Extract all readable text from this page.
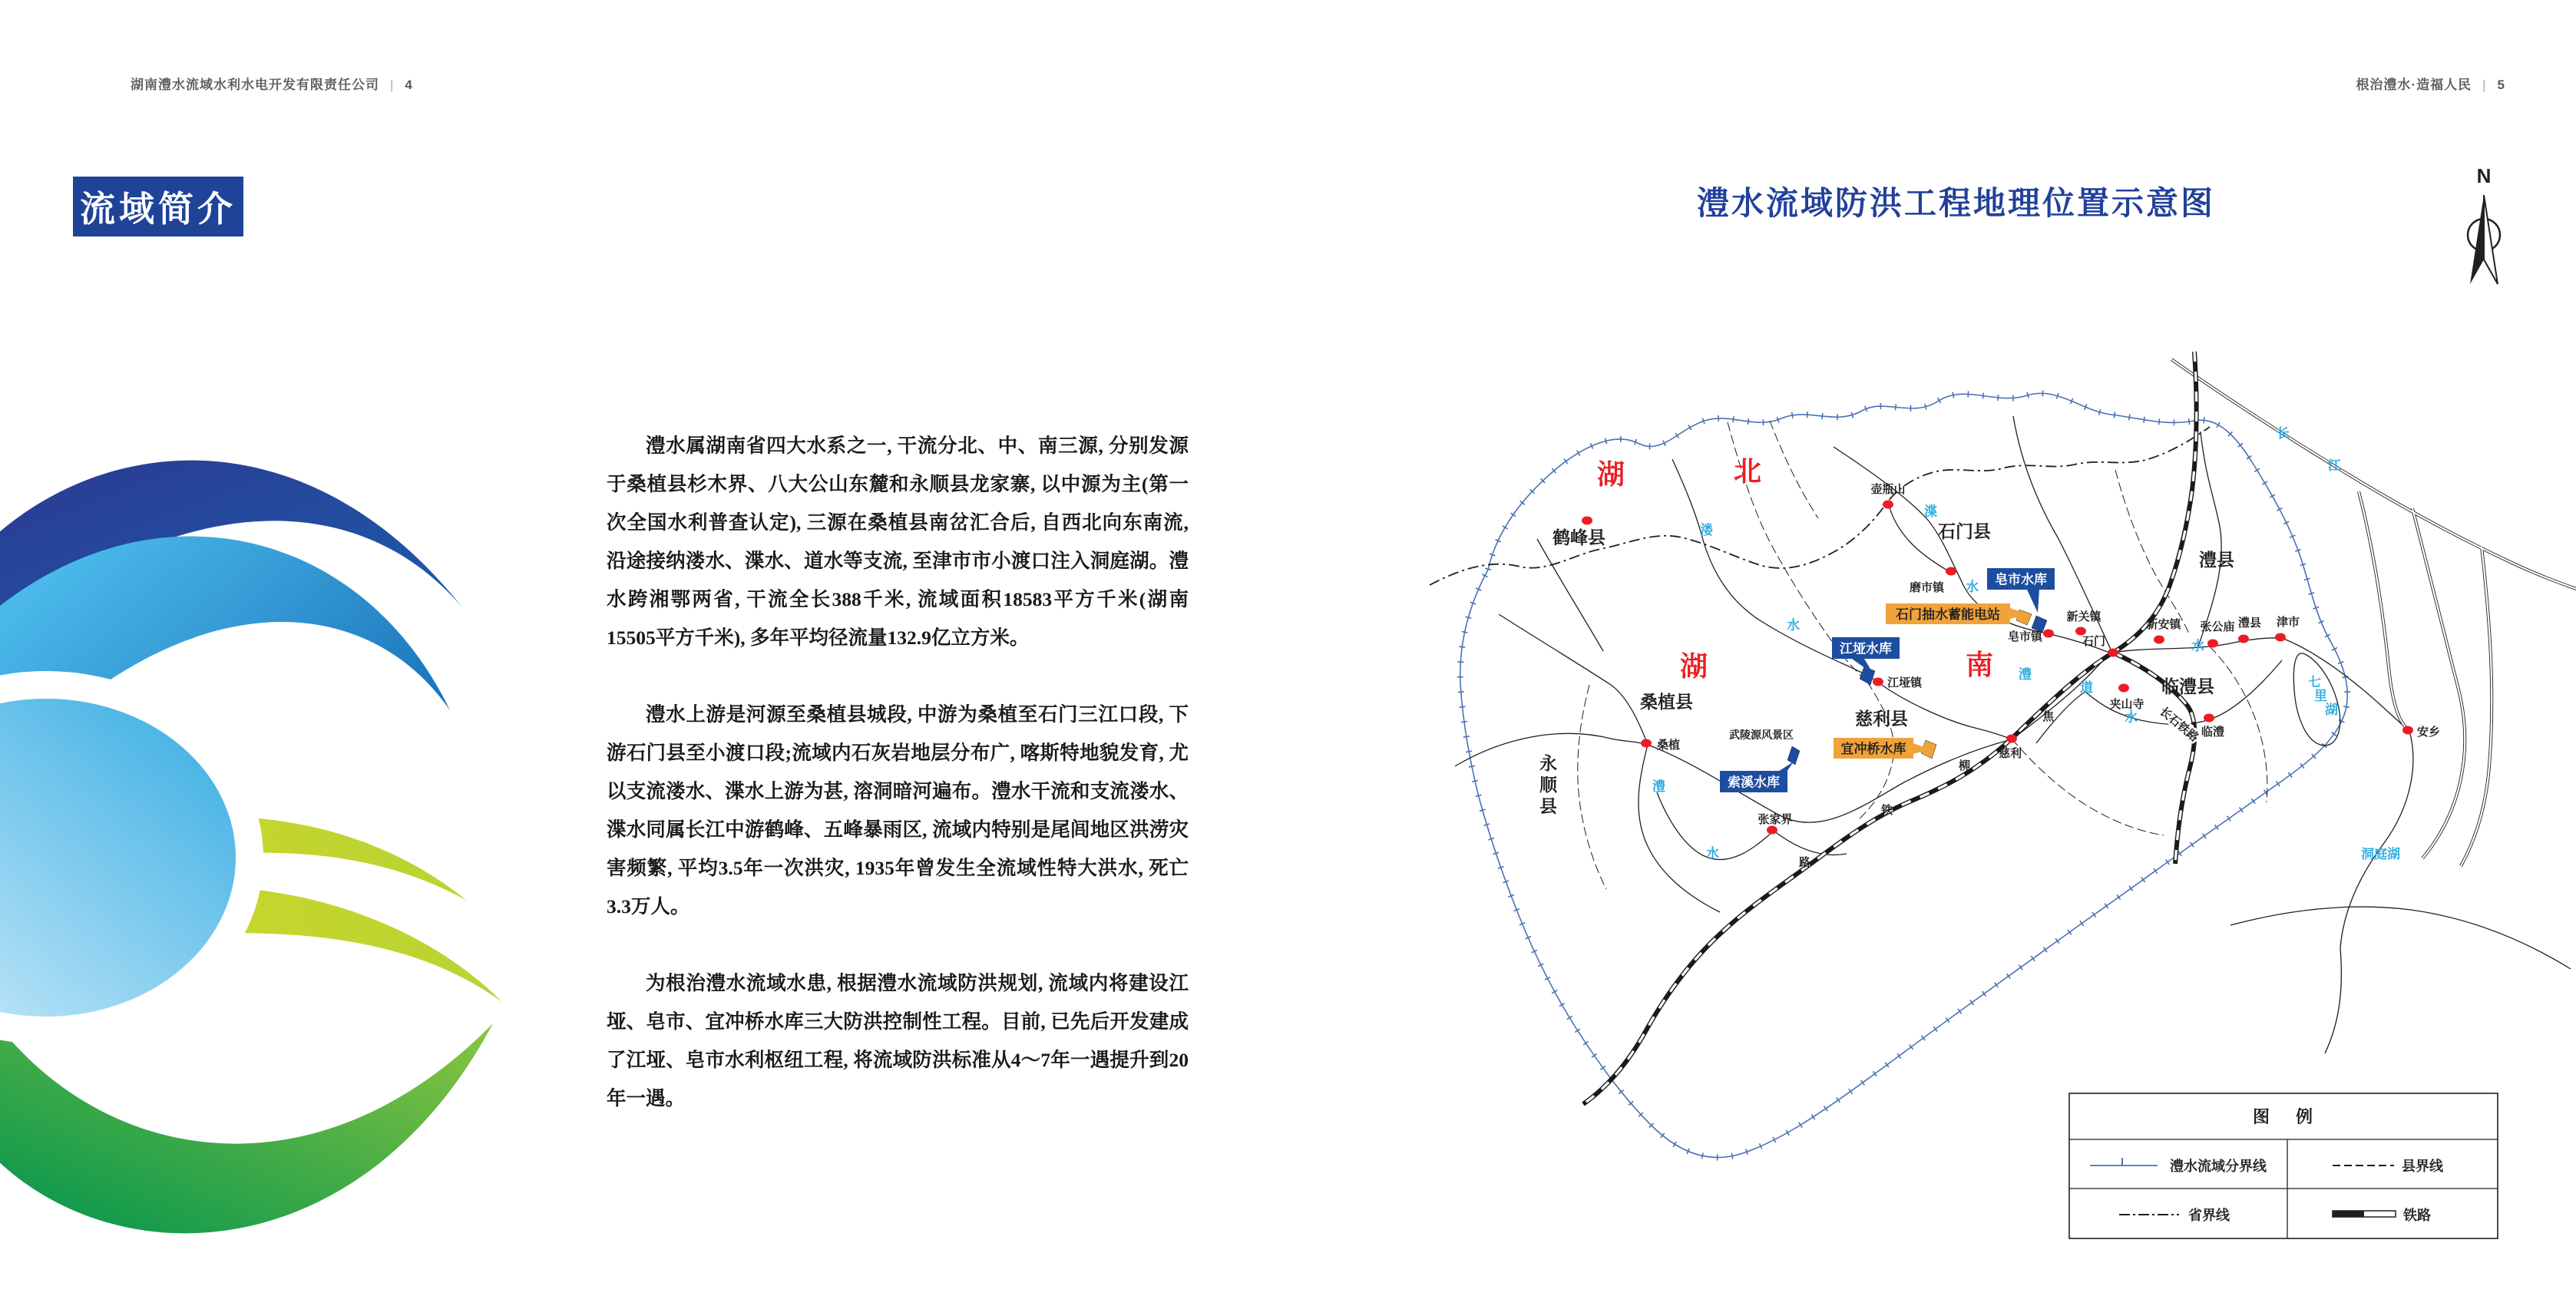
湖南澧水流域水利水电开发有限责任公司 | 4	根治澧水·造福人民 | 5
流域简介

澧水属湖南省四大水系之一, 干流分北、中、南三源, 分别发源于桑植县杉木界、八大公山东麓和永顺县龙家寨, 以中源为主(第一次全国水利普查认定), 三源在桑植县南岔汇合后, 自西北向东南流, 沿途接纳溇水、渫水、道水等支流, 至津市市小渡口注入洞庭湖。澧水跨湘鄂两省, 干流全长388千米, 流域面积18583平方千米(湖南15505平方千米), 多年平均径流量132.9亿立方米。

澧水上游是河源至桑植县城段, 中游为桑植至石门三江口段, 下游石门县至小渡口段;流域内石灰岩地层分布广, 喀斯特地貌发育, 尤以支流溇水、渫水上游为甚, 溶洞暗河遍布。澧水干流和支流溇水、渫水同属长江中游鹤峰、五峰暴雨区, 流域内特别是尾闾地区洪涝灾害频繁, 平均3.5年一次洪灾, 1935年曾发生全流域性特大洪水, 死亡3.3万人。

为根治澧水流域水患, 根据澧水流域防洪规划, 流域内将建设江垭、皂市、宜冲桥水库三大防洪控制性工程。目前, 已先后开发建成了江垭、皂市水利枢纽工程, 将流域防洪标准从4～7年一遇提升到20年一遇。

澧水流域防洪工程地理位置示意图
N
湖	北
湖	南
鹤峰县	石门县
澧县
临澧县
慈利县
桑植县
永
顺
县
溇
水
渫
水
澧
水
澧
水
道
水
长
江
七
里
湖
洞庭湖
焦
柳
铁
路
长石铁路
武陵源风景区
壶瓶山
磨市镇
皂市镇
新关镇
石门
新安镇 张公庙 澧县 津市
安乡
夹山寺
临澧
慈利
江垭镇
桑植
张家界
皂市水库
江垭水库
索溪水库
石门抽水蓄能电站
宜冲桥水库
图 例
澧水流域分界线	县界线
省界线	铁路
